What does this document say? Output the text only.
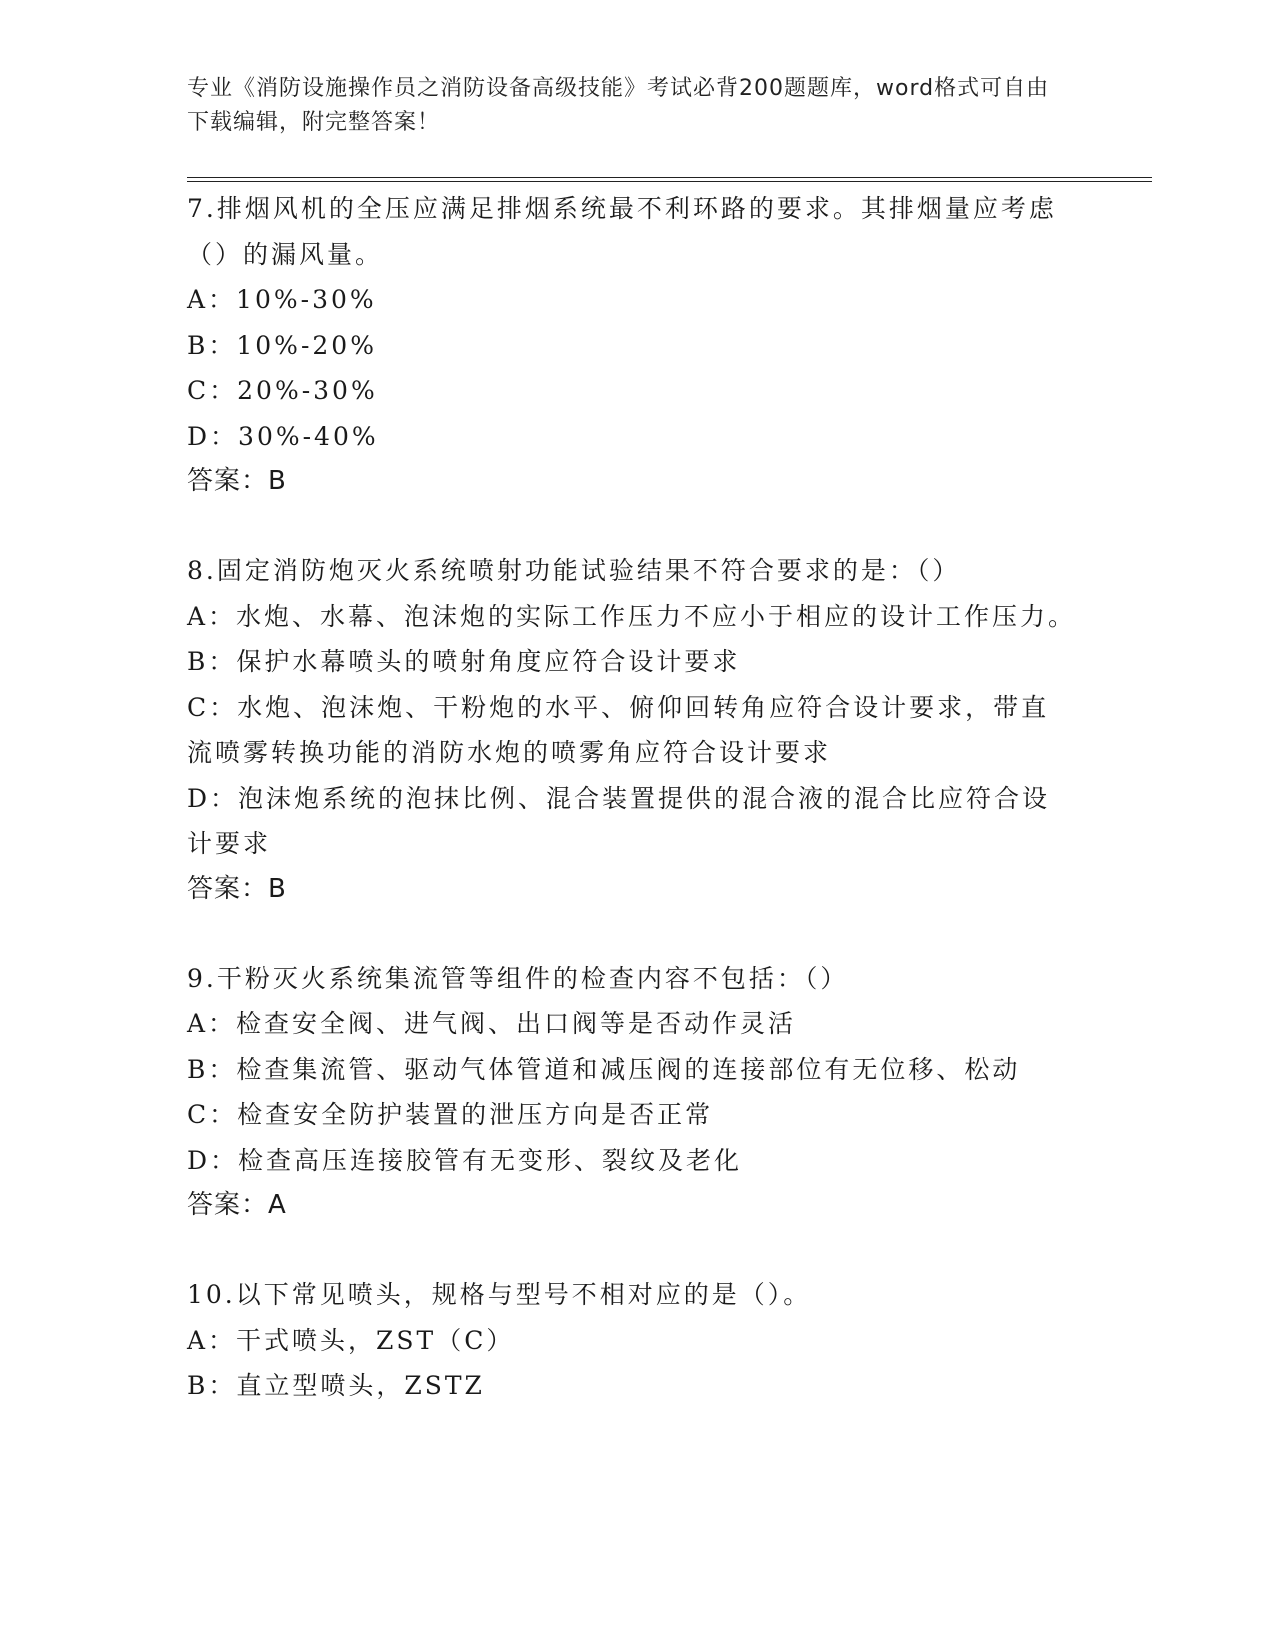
专业《消防设施操作员之消防设备高级技能》考试必背200题题库，word格式可自由下载编辑，附完整答案！
7.排烟风机的全压应满足排烟系统最不利环路的要求。其排烟量应考虑（）的漏风量。
A：10%-30%
B：10%-20%
C：20%-30%
D：30%-40%
答案：B
8.固定消防炮灭火系统喷射功能试验结果不符合要求的是：（）
A：水炮、水幕、泡沫炮的实际工作压力不应小于相应的设计工作压力。
B：保护水幕喷头的喷射角度应符合设计要求
C：水炮、泡沫炮、干粉炮的水平、俯仰回转角应符合设计要求，带直流喷雾转换功能的消防水炮的喷雾角应符合设计要求
D：泡沫炮系统的泡抹比例、混合装置提供的混合液的混合比应符合设计要求
答案：B
9.干粉灭火系统集流管等组件的检查内容不包括：（）
A：检查安全阀、进气阀、出口阀等是否动作灵活
B：检查集流管、驱动气体管道和减压阀的连接部位有无位移、松动
C：检查安全防护装置的泄压方向是否正常
D：检查高压连接胶管有无变形、裂纹及老化
答案：A
10.以下常见喷头，规格与型号不相对应的是（）。
A：干式喷头，ZST（C）
B：直立型喷头，ZSTZ
